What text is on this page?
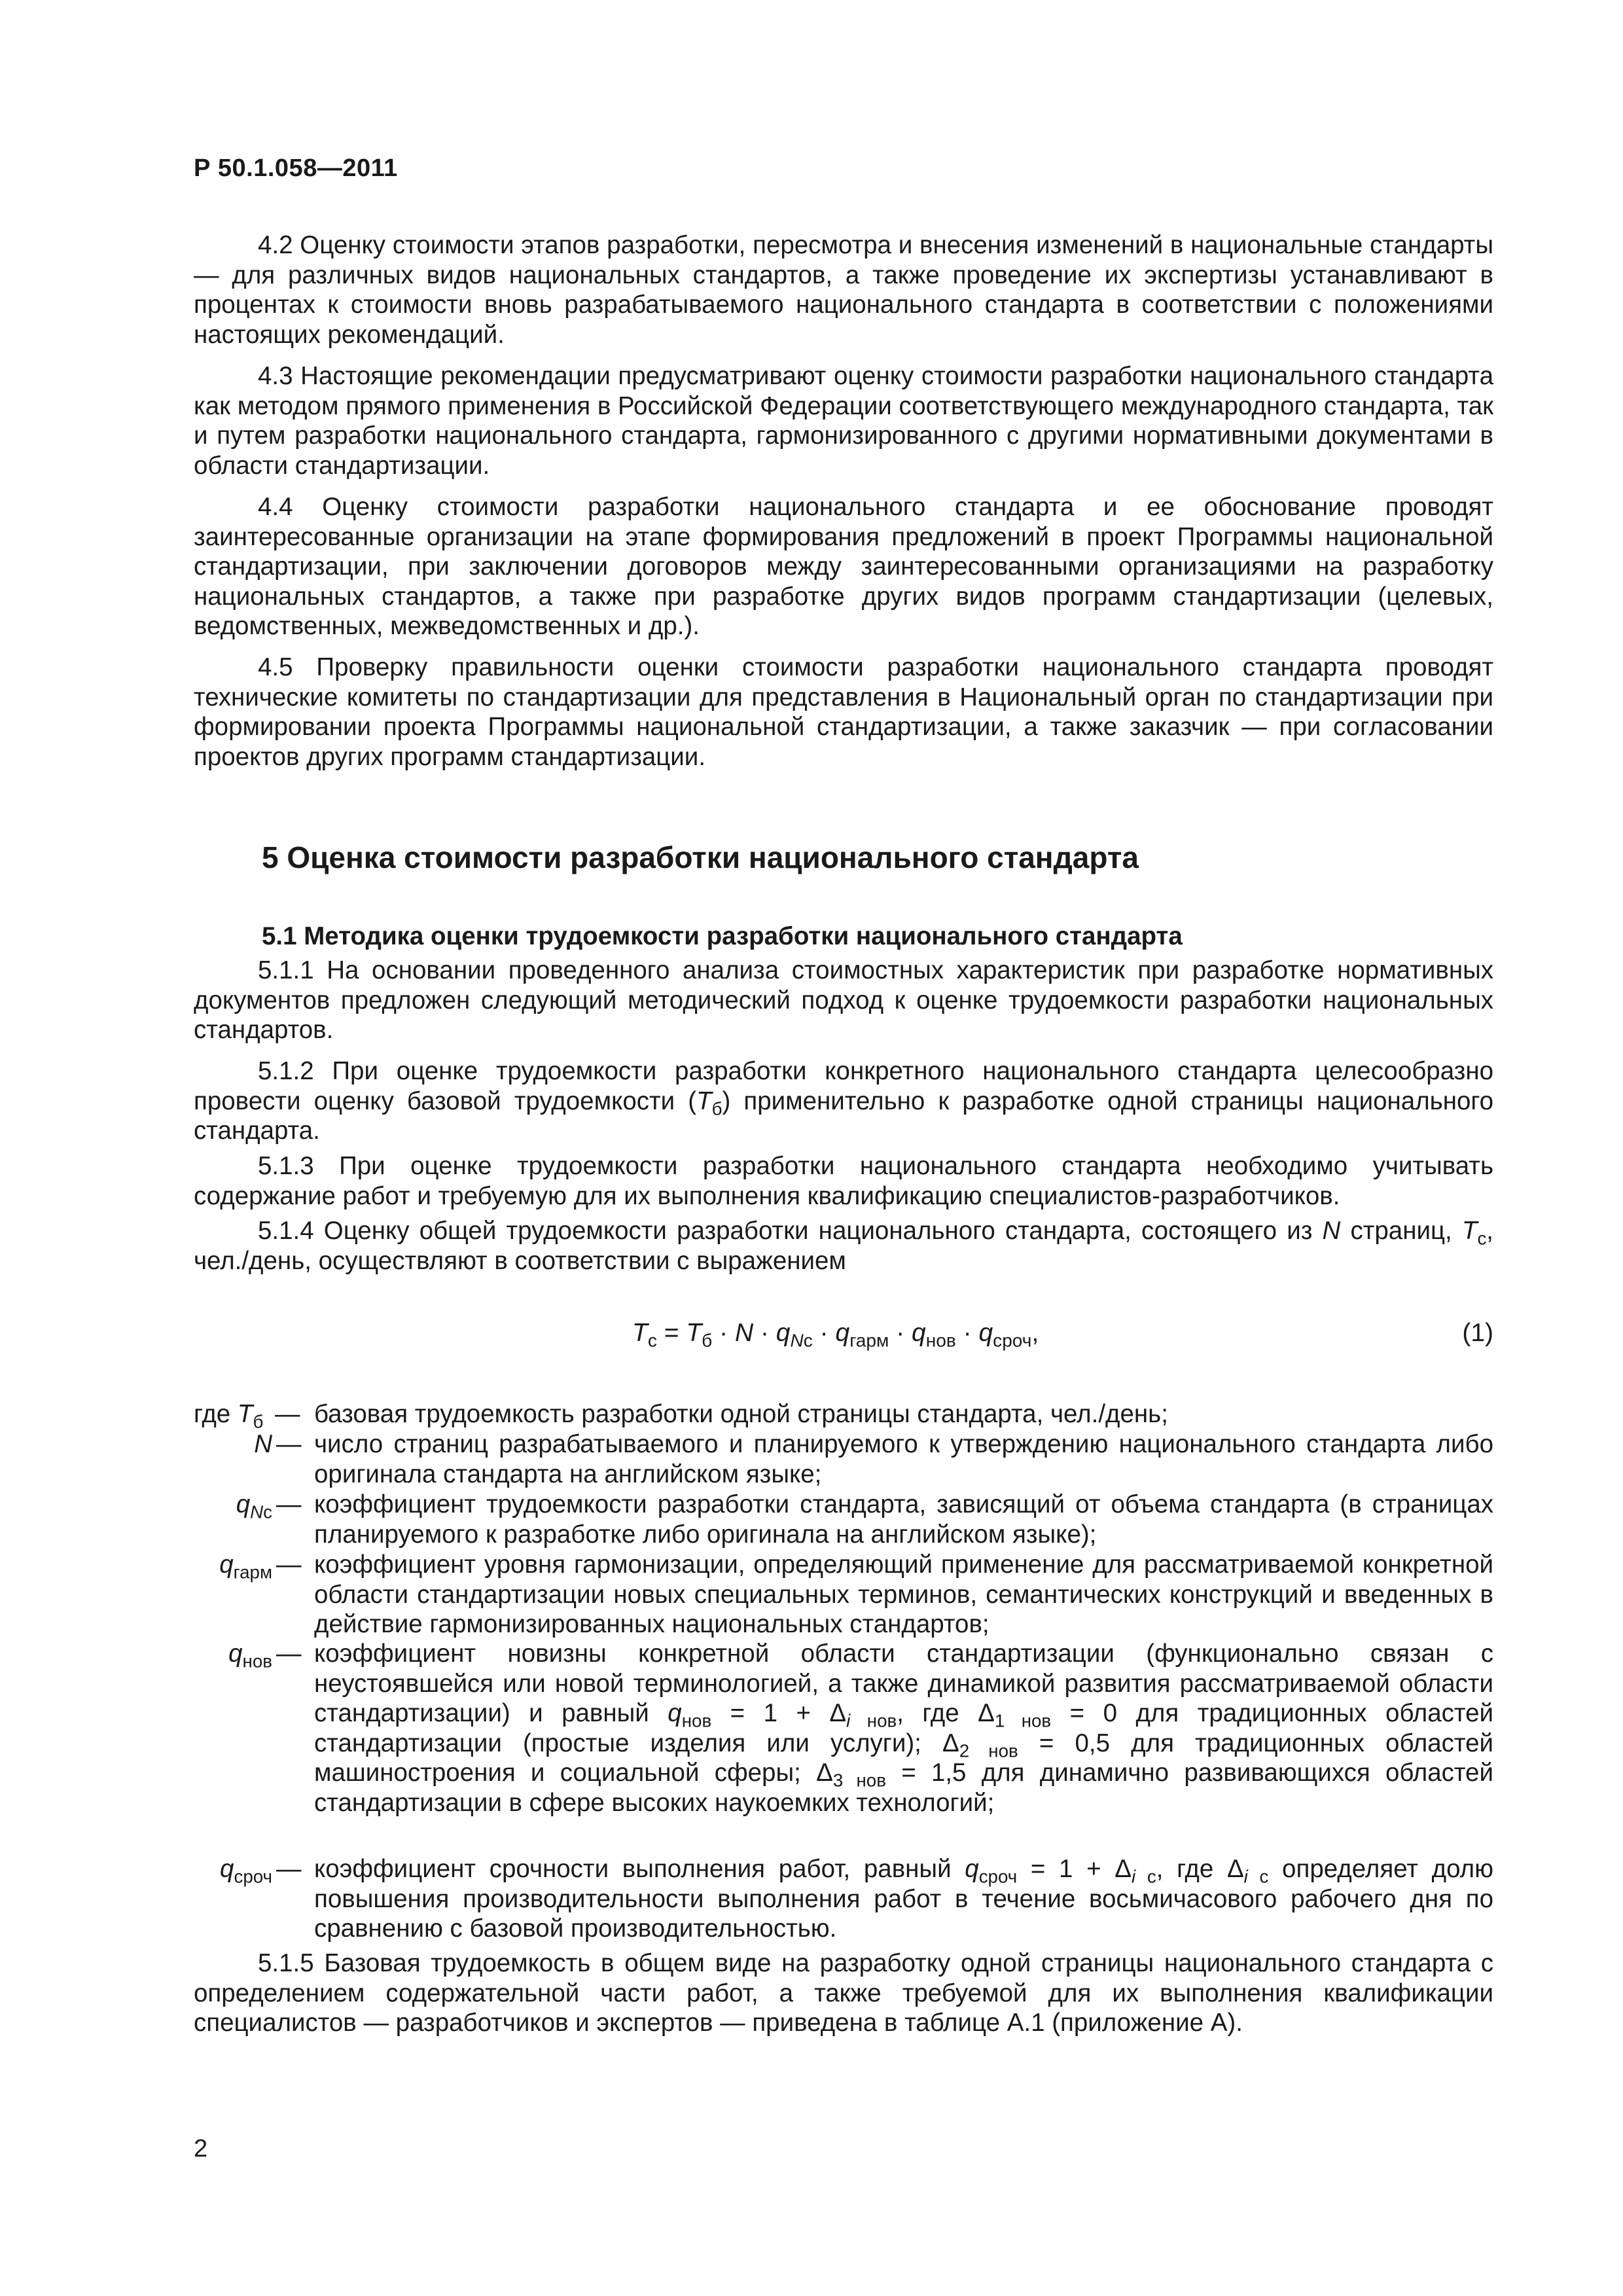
Р 50.1.058—2011

4.2 Оценку стоимости этапов разработки, пересмотра и внесения изменений в национальные стандарты — для различных видов национальных стандартов, а также проведение их экспертизы устанавливают в процентах к стоимости вновь разрабатываемого национального стандарта в соответствии с положениями настоящих рекомендаций.

4.3 Настоящие рекомендации предусматривают оценку стоимости разработки национального стандарта как методом прямого применения в Российской Федерации соответствующего международного стандарта, так и путем разработки национального стандарта, гармонизированного с другими нормативными документами в области стандартизации.

4.4 Оценку стоимости разработки национального стандарта и ее обоснование проводят заинтересованные организации на этапе формирования предложений в проект Программы национальной стандартизации, при заключении договоров между заинтересованными организациями на разработку национальных стандартов, а также при разработке других видов программ стандартизации (целевых, ведомственных, межведомственных и др.).

4.5 Проверку правильности оценки стоимости разработки национального стандарта проводят технические комитеты по стандартизации для представления в Национальный орган по стандартизации при формировании проекта Программы национальной стандартизации, а также заказчик — при согласовании проектов других программ стандартизации.

5 Оценка стоимости разработки национального стандарта
5.1 Методика оценки трудоемкости разработки национального стандарта

5.1.1 На основании проведенного анализа стоимостных характеристик при разработке нормативных документов предложен следующий методический подход к оценке трудоемкости разработки национальных стандартов.

5.1.2 При оценке трудоемкости разработки конкретного национального стандарта целесообразно провести оценку базовой трудоемкости $(T_б)$ применительно к разработке одной страницы национального стандарта.

5.1.3 При оценке трудоемкости разработки национального стандарта необходимо учитывать содержание работ и требуемую для их выполнения квалификацию специалистов-разработчиков.

5.1.4 Оценку общей трудоемкости разработки национального стандарта, состоящего из N страниц, $T_с$, чел./день, осуществляют в соответствии с выражением

$T_с = T_б \cdot N \cdot q_{Nс} \cdot q_{гарм} \cdot q_{нов} \cdot q_{сроч}$,	(1)
где $T_б$ — базовая трудоемкость разработки одной страницы стандарта, чел./день;
N — число страниц разрабатываемого и планируемого к утверждению национального стандарта либо оригинала стандарта на английском языке;
$q_{Nс}$ — коэффициент трудоемкости разработки стандарта, зависящий от объема стандарта (в страницах планируемого к разработке либо оригинала на английском языке);
$q_{гарм}$ — коэффициент уровня гармонизации, определяющий применение для рассматриваемой конкретной области стандартизации новых специальных терминов, семантических конструкций и введенных в действие гармонизированных национальных стандартов;
$q_{нов}$ — коэффициент новизны конкретной области стандартизации (функционально связан с неустоявшейся или новой терминологией, а также динамикой развития рассматриваемой области стандартизации) и равный $q_{нов} = 1 + \Delta_{i нов}$, где $\Delta_{1 нов} = 0$ для традиционных областей стандартизации (простые изделия или услуги); $\Delta_{2 нов} = 0,5$ для традиционных областей машиностроения и социальной сферы; $\Delta_{3 нов} = 1,5$ для динамично развивающихся областей стандартизации в сфере высоких наукоемких технологий;
$q_{сроч}$ — коэффициент срочности выполнения работ, равный $q_{сроч} = 1 + \Delta_{i с}$, где $\Delta_{i с}$ определяет долю повышения производительности выполнения работ в течение восьмичасового рабочего дня по сравнению с базовой производительностью.

5.1.5 Базовая трудоемкость в общем виде на разработку одной страницы национального стандарта с определением содержательной части работ, а также требуемой для их выполнения квалификации специалистов — разработчиков и экспертов — приведена в таблице А.1 (приложение А).

2
